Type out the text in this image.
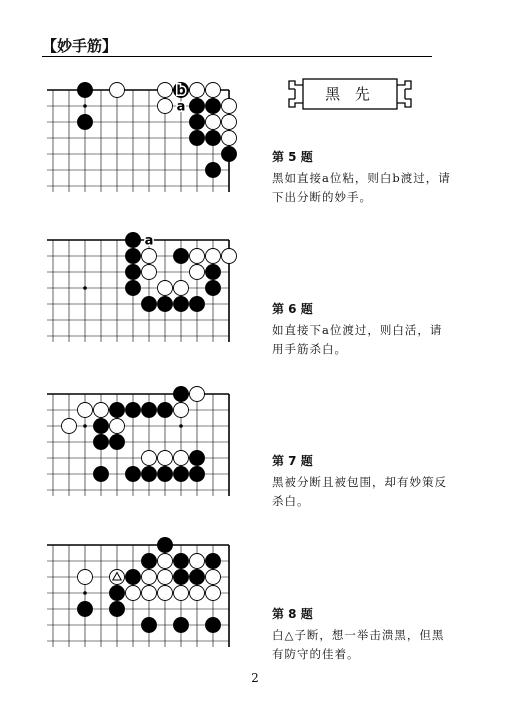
【妙手筋】
黑 先
b
a
a
第 5 题
黑如直接a位粘，则白b渡过，请下出分断的妙手。
第 6 题
如直接下a位渡过，则白活，请用手筋杀白。
第 7 题
黑被分断且被包围，却有妙策反杀白。
第 8 题
白△子断，想一举击溃黑，但黑有防守的佳着。
2
